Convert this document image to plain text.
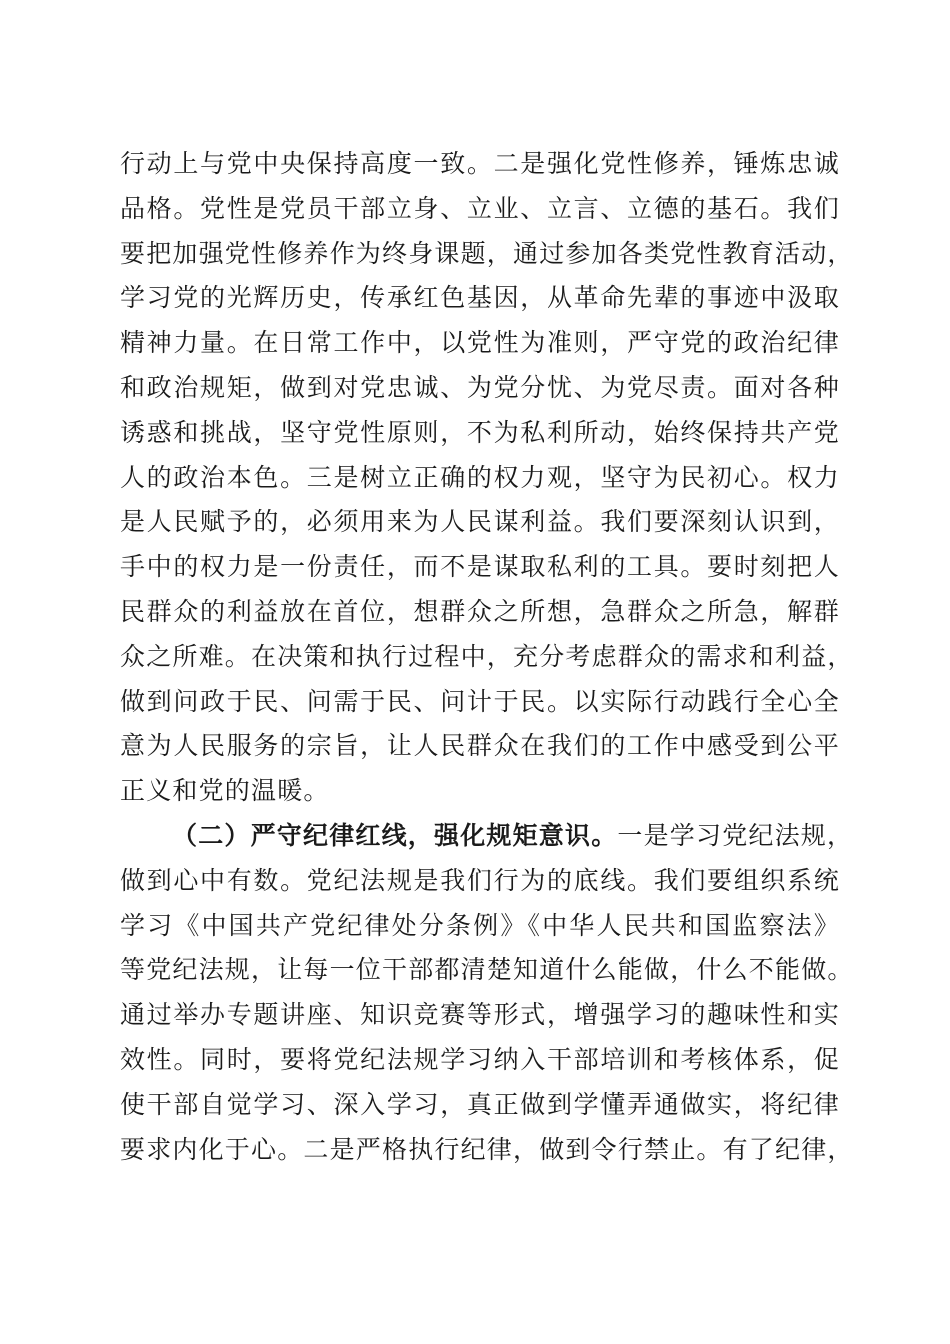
行动上与党中央保持高度一致。二是强化党性修养，锤炼忠诚
品格。党性是党员干部立身、立业、立言、立德的基石。我们
要把加强党性修养作为终身课题，通过参加各类党性教育活动，
学习党的光辉历史，传承红色基因，从革命先辈的事迹中汲取
精神力量。在日常工作中，以党性为准则，严守党的政治纪律
和政治规矩，做到对党忠诚、为党分忧、为党尽责。面对各种
诱惑和挑战，坚守党性原则，不为私利所动，始终保持共产党
人的政治本色。三是树立正确的权力观，坚守为民初心。权力
是人民赋予的，必须用来为人民谋利益。我们要深刻认识到，
手中的权力是一份责任，而不是谋取私利的工具。要时刻把人
民群众的利益放在首位，想群众之所想，急群众之所急，解群
众之所难。在决策和执行过程中，充分考虑群众的需求和利益，
做到问政于民、问需于民、问计于民。以实际行动践行全心全
意为人民服务的宗旨，让人民群众在我们的工作中感受到公平
正义和党的温暖。
（二）严守纪律红线，强化规矩意识。一是学习党纪法规，
做到心中有数。党纪法规是我们行为的底线。我们要组织系统
学习《中国共产党纪律处分条例》《中华人民共和国监察法》
等党纪法规，让每一位干部都清楚知道什么能做，什么不能做。
通过举办专题讲座、知识竞赛等形式，增强学习的趣味性和实
效性。同时，要将党纪法规学习纳入干部培训和考核体系，促
使干部自觉学习、深入学习，真正做到学懂弄通做实，将纪律
要求内化于心。二是严格执行纪律，做到令行禁止。有了纪律，
